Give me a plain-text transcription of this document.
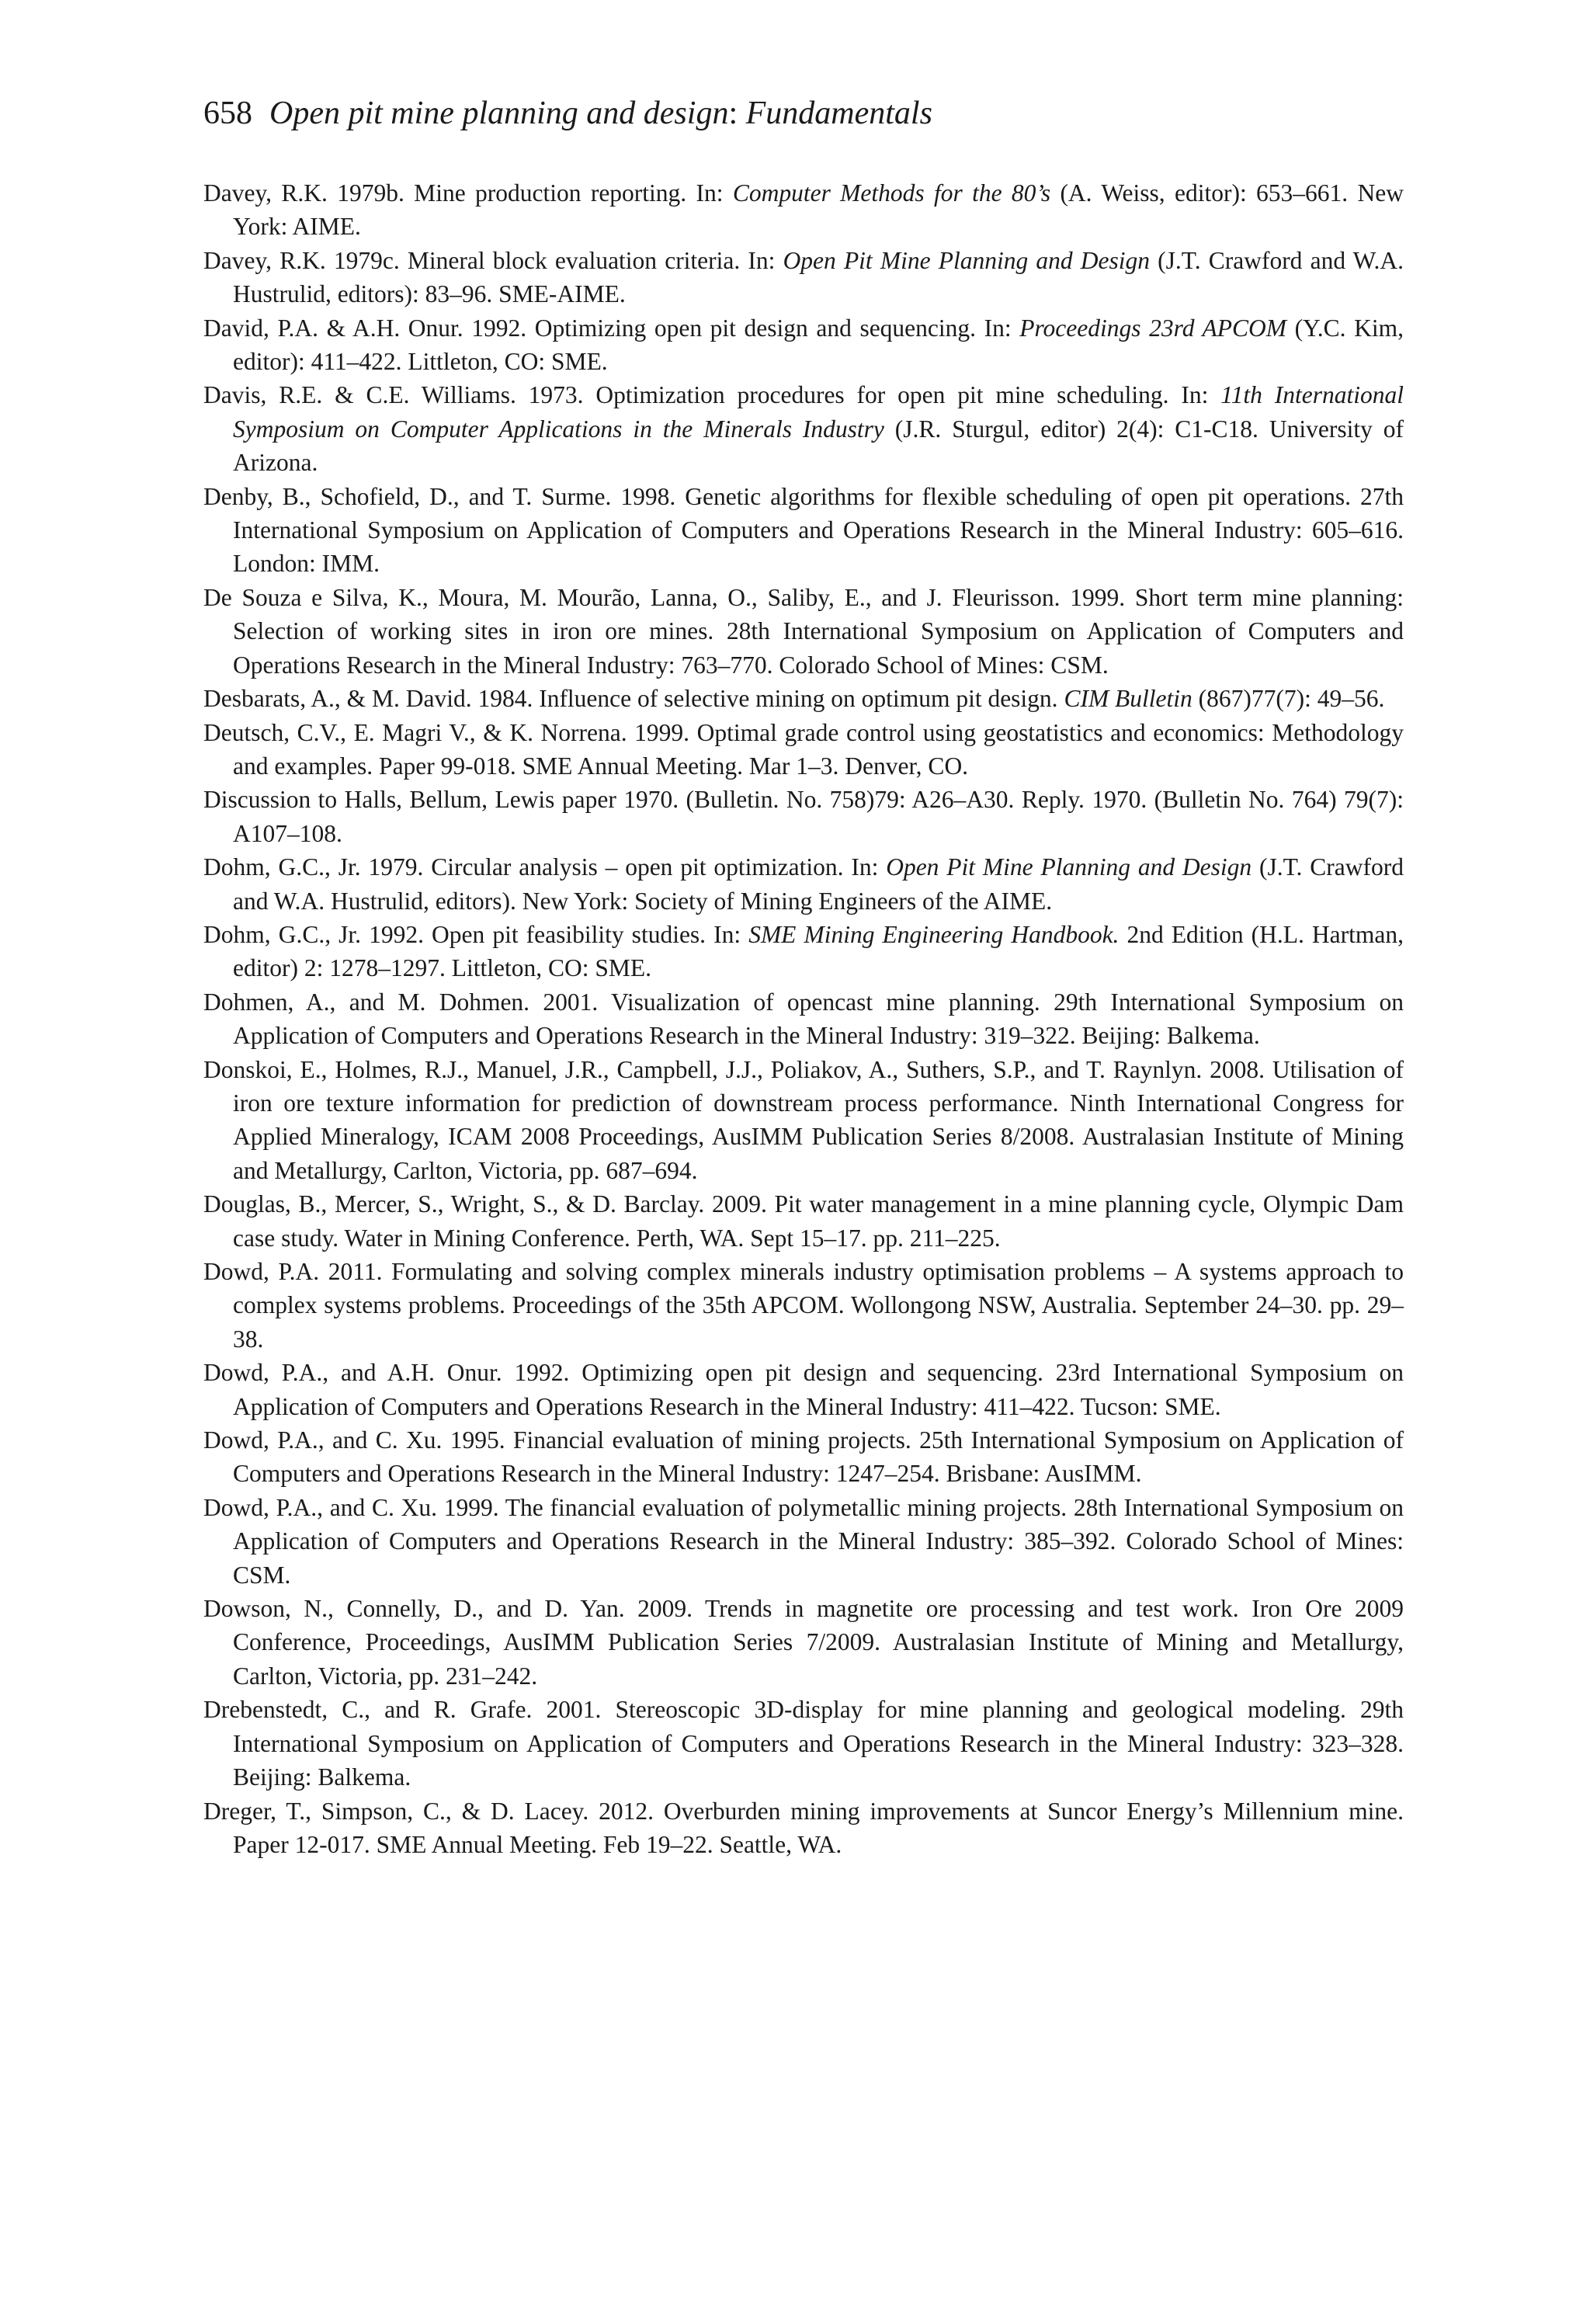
658 Open pit mine planning and design: Fundamentals
Davey, R.K. 1979b. Mine production reporting. In: Computer Methods for the 80’s (A. Weiss, editor): 653–661. New York: AIME.
Davey, R.K. 1979c. Mineral block evaluation criteria. In: Open Pit Mine Planning and Design (J.T. Crawford and W.A. Hustrulid, editors): 83–96. SME-AIME.
David, P.A. & A.H. Onur. 1992. Optimizing open pit design and sequencing. In: Proceedings 23rd APCOM (Y.C. Kim, editor): 411–422. Littleton, CO: SME.
Davis, R.E. & C.E. Williams. 1973. Optimization procedures for open pit mine scheduling. In: 11th International Symposium on Computer Applications in the Minerals Industry (J.R. Sturgul, editor) 2(4): C1-C18. University of Arizona.
Denby, B., Schofield, D., and T. Surme. 1998. Genetic algorithms for flexible scheduling of open pit operations. 27th International Symposium on Application of Computers and Operations Research in the Mineral Industry: 605–616. London: IMM.
De Souza e Silva, K., Moura, M. Mourão, Lanna, O., Saliby, E., and J. Fleurisson. 1999. Short term mine planning: Selection of working sites in iron ore mines. 28th International Symposium on Application of Computers and Operations Research in the Mineral Industry: 763–770. Colorado School of Mines: CSM.
Desbarats, A., & M. David. 1984. Influence of selective mining on optimum pit design. CIM Bulletin (867)77(7): 49–56.
Deutsch, C.V., E. Magri V., & K. Norrena. 1999. Optimal grade control using geostatistics and economics: Methodology and examples. Paper 99-018. SME Annual Meeting. Mar 1–3. Denver, CO.
Discussion to Halls, Bellum, Lewis paper 1970. (Bulletin. No. 758)79: A26–A30. Reply. 1970. (Bulletin No. 764) 79(7): A107–108.
Dohm, G.C., Jr. 1979. Circular analysis – open pit optimization. In: Open Pit Mine Planning and Design (J.T. Crawford and W.A. Hustrulid, editors). New York: Society of Mining Engineers of the AIME.
Dohm, G.C., Jr. 1992. Open pit feasibility studies. In: SME Mining Engineering Handbook. 2nd Edition (H.L. Hartman, editor) 2: 1278–1297. Littleton, CO: SME.
Dohmen, A., and M. Dohmen. 2001. Visualization of opencast mine planning. 29th International Symposium on Application of Computers and Operations Research in the Mineral Industry: 319–322. Beijing: Balkema.
Donskoi, E., Holmes, R.J., Manuel, J.R., Campbell, J.J., Poliakov, A., Suthers, S.P., and T. Raynlyn. 2008. Utilisation of iron ore texture information for prediction of downstream process performance. Ninth International Congress for Applied Mineralogy, ICAM 2008 Proceedings, AusIMM Publication Series 8/2008. Australasian Institute of Mining and Metallurgy, Carlton, Victoria, pp. 687–694.
Douglas, B., Mercer, S., Wright, S., & D. Barclay. 2009. Pit water management in a mine planning cycle, Olympic Dam case study. Water in Mining Conference. Perth, WA. Sept 15–17. pp. 211–225.
Dowd, P.A. 2011. Formulating and solving complex minerals industry optimisation problems – A systems approach to complex systems problems. Proceedings of the 35th APCOM. Wollongong NSW, Australia. September 24–30. pp. 29–38.
Dowd, P.A., and A.H. Onur. 1992. Optimizing open pit design and sequencing. 23rd International Symposium on Application of Computers and Operations Research in the Mineral Industry: 411–422. Tucson: SME.
Dowd, P.A., and C. Xu. 1995. Financial evaluation of mining projects. 25th International Symposium on Application of Computers and Operations Research in the Mineral Industry: 1247–254. Brisbane: AusIMM.
Dowd, P.A., and C. Xu. 1999. The financial evaluation of polymetallic mining projects. 28th International Symposium on Application of Computers and Operations Research in the Mineral Industry: 385–392. Colorado School of Mines: CSM.
Dowson, N., Connelly, D., and D. Yan. 2009. Trends in magnetite ore processing and test work. Iron Ore 2009 Conference, Proceedings, AusIMM Publication Series 7/2009. Australasian Institute of Mining and Metallurgy, Carlton, Victoria, pp. 231–242.
Drebenstedt, C., and R. Grafe. 2001. Stereoscopic 3D-display for mine planning and geological modeling. 29th International Symposium on Application of Computers and Operations Research in the Mineral Industry: 323–328. Beijing: Balkema.
Dreger, T., Simpson, C., & D. Lacey. 2012. Overburden mining improvements at Suncor Energy’s Millennium mine. Paper 12-017. SME Annual Meeting. Feb 19–22. Seattle, WA.
